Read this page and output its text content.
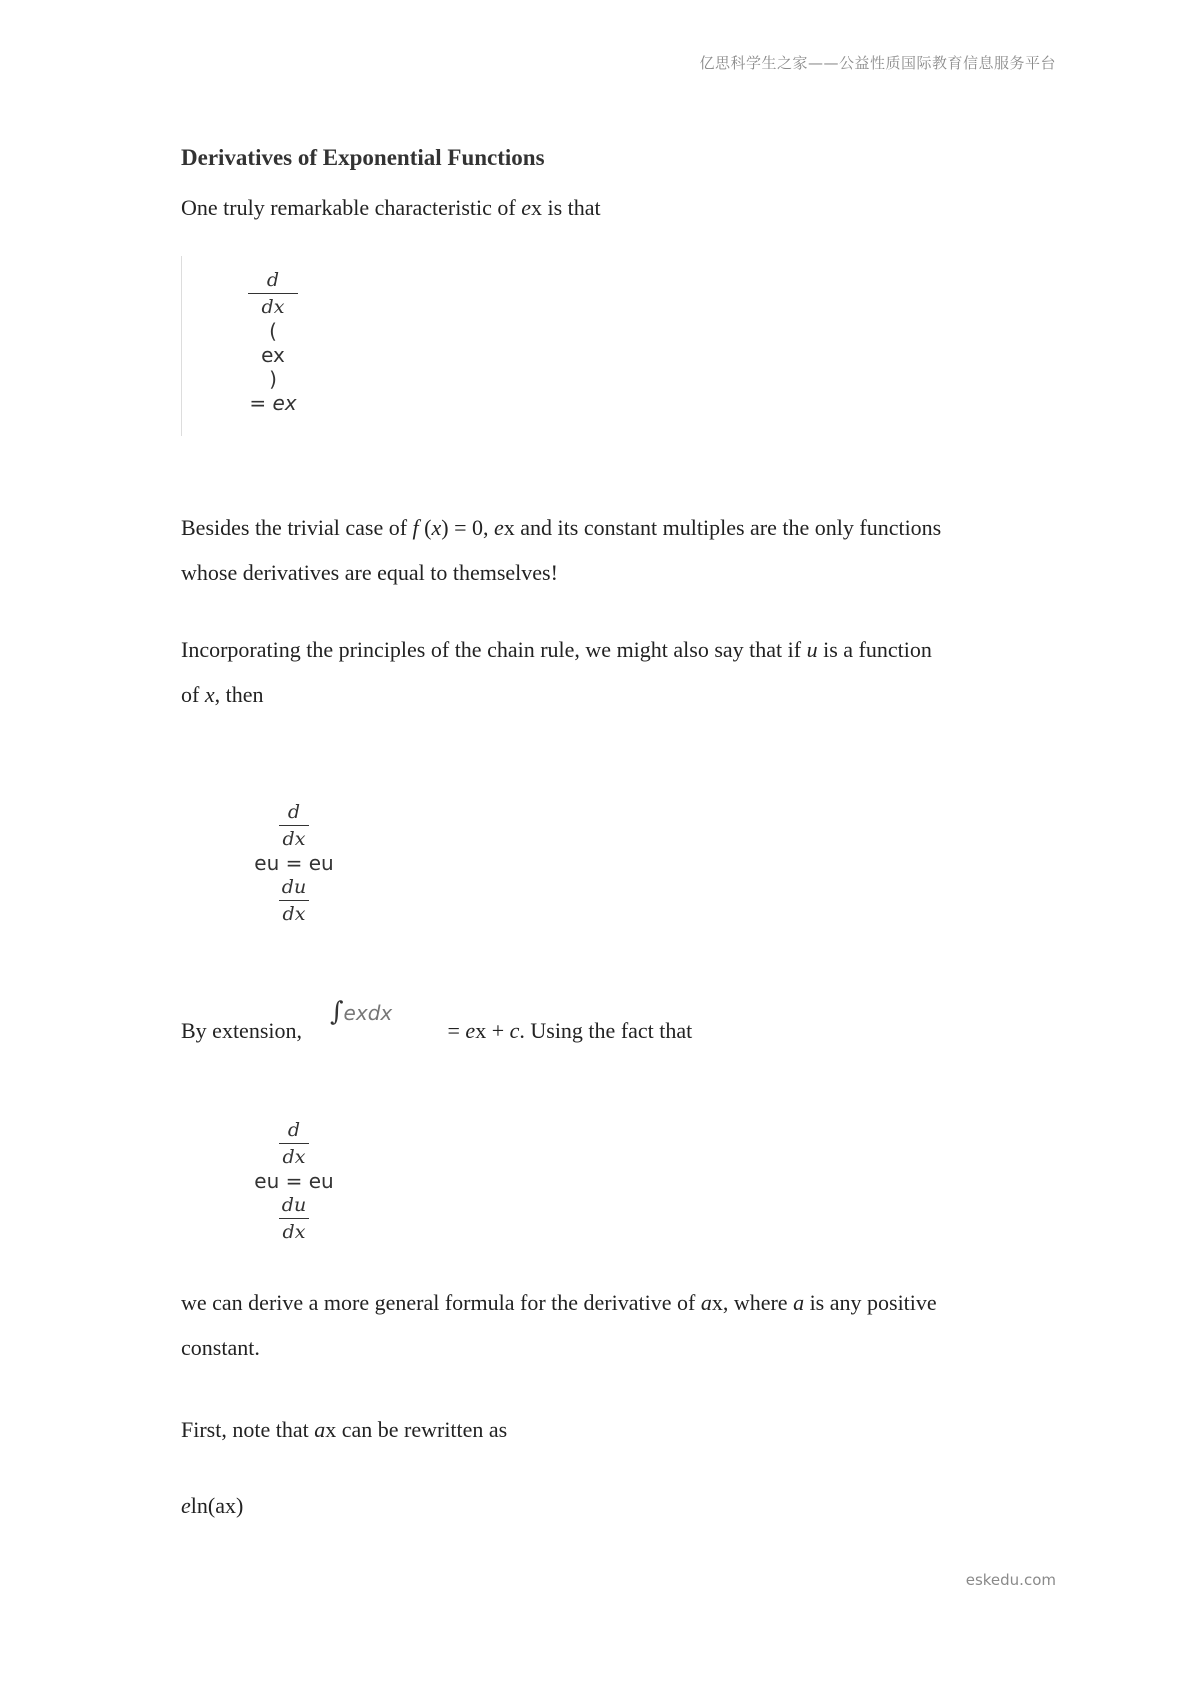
亿思科学生之家——公益性质国际教育信息服务平台
Derivatives of Exponential Functions

One truly remarkable characteristic of ex is that

Besides the trivial case of f (x) = 0, ex and its constant multiples are the only functions

whose derivatives are equal to themselves!

Incorporating the principles of the chain rule, we might also say that if u is a function

of x, then

By extension,	= ex + c. Using the fact that

we can derive a more general formula for the derivative of ax, where a is any positive

constant.

First, note that ax can be rewritten as

eln(ax)

d
dx
(
ex
)
= ex
d
dx
eu = eu
du
dx
∫exdx
d
dx
eu = eu
du
dx
eskedu.com
